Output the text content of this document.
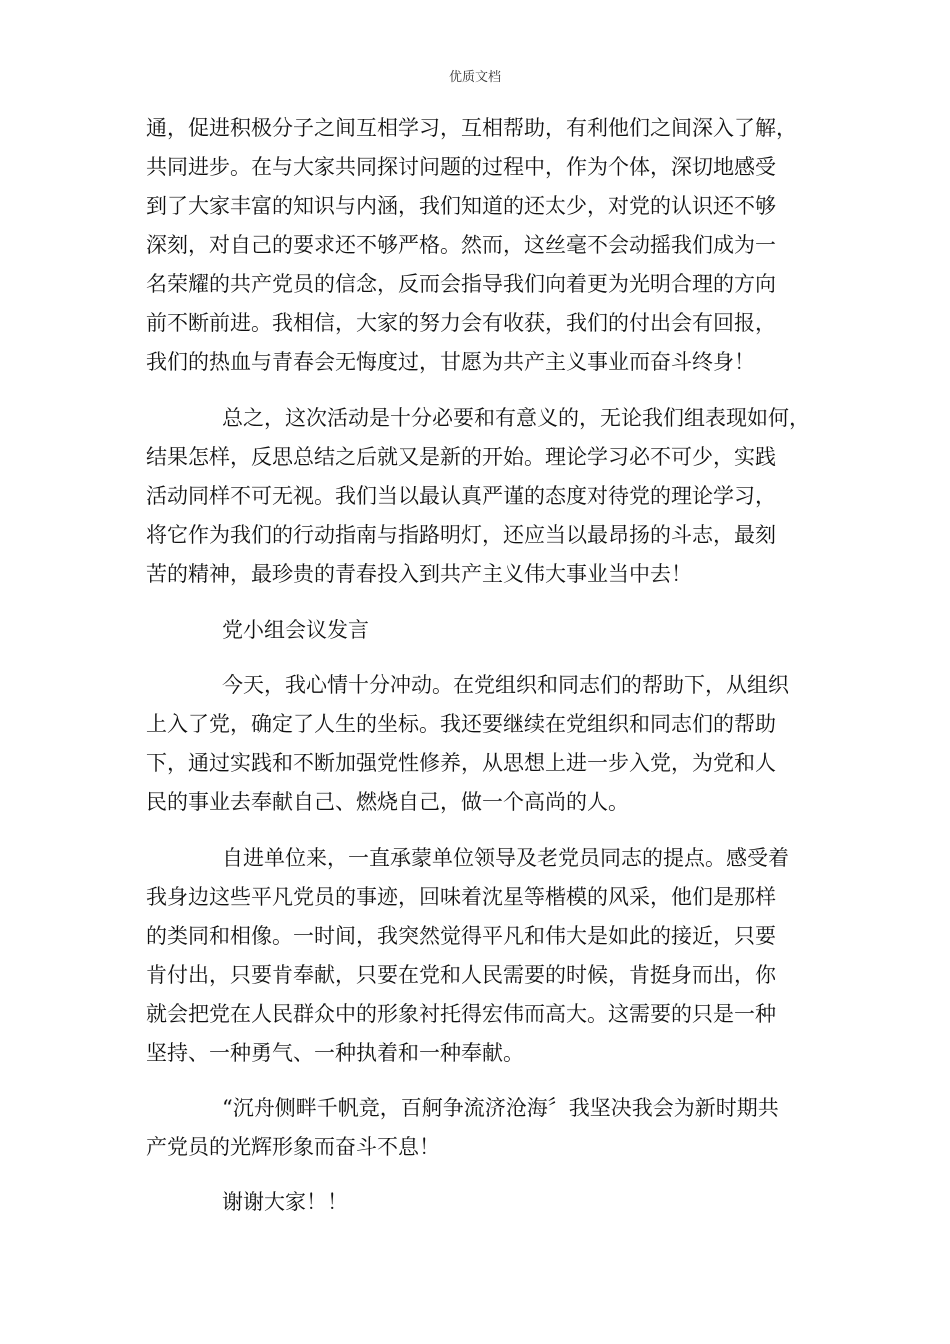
优质文档
通，促进积极分子之间互相学习，互相帮助，有利他们之间深入了解，
共同进步。在与大家共同探讨问题的过程中，作为个体，深切地感受
到了大家丰富的知识与内涵，我们知道的还太少，对党的认识还不够
深刻，对自己的要求还不够严格。然而，这丝毫不会动摇我们成为一
名荣耀的共产党员的信念，反而会指导我们向着更为光明合理的方向
前不断前进。我相信，大家的努力会有收获，我们的付出会有回报，
我们的热血与青春会无悔度过，甘愿为共产主义事业而奋斗终身！
总之，这次活动是十分必要和有意义的，无论我们组表现如何，
结果怎样，反思总结之后就又是新的开始。理论学习必不可少，实践
活动同样不可无视。我们当以最认真严谨的态度对待党的理论学习，
将它作为我们的行动指南与指路明灯，还应当以最昂扬的斗志，最刻
苦的精神，最珍贵的青春投入到共产主义伟大事业当中去！
党小组会议发言
今天，我心情十分冲动。在党组织和同志们的帮助下，从组织
上入了党，确定了人生的坐标。我还要继续在党组织和同志们的帮助
下，通过实践和不断加强党性修养，从思想上进一步入党，为党和人
民的事业去奉献自己、燃烧自己，做一个高尚的人。
自进单位来，一直承蒙单位领导及老党员同志的提点。感受着
我身边这些平凡党员的事迹，回味着沈星等楷模的风采，他们是那样
的类同和相像。一时间，我突然觉得平凡和伟大是如此的接近，只要
肯付出，只要肯奉献，只要在党和人民需要的时候，肯挺身而出，你
就会把党在人民群众中的形象衬托得宏伟而高大。这需要的只是一种
坚持、一种勇气、一种执着和一种奉献。
“沉舟侧畔千帆竞，百舸争流济沧海〞我坚决我会为新时期共
产党员的光辉形象而奋斗不息！
谢谢大家！！
